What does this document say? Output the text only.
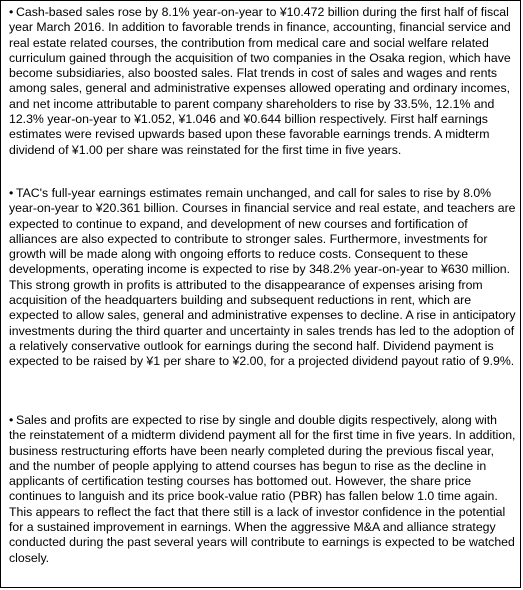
• Cash-based sales rose by 8.1% year-on-year to ¥10.472 billion during the first half of fiscal year March 2016. In addition to favorable trends in finance, accounting, financial service and real estate related courses, the contribution from medical care and social welfare related curriculum gained through the acquisition of two companies in the Osaka region, which have become subsidiaries, also boosted sales. Flat trends in cost of sales and wages and rents among sales, general and administrative expenses allowed operating and ordinary incomes, and net income attributable to parent company shareholders to rise by 33.5%, 12.1% and 12.3% year-on-year to ¥1.052, ¥1.046 and ¥0.644 billion respectively. First half earnings estimates were revised upwards based upon these favorable earnings trends. A midterm dividend of ¥1.00 per share was reinstated for the first time in five years.

• TAC's full-year earnings estimates remain unchanged, and call for sales to rise by 8.0% year-on-year to ¥20.361 billion. Courses in financial service and real estate, and teachers are expected to continue to expand, and development of new courses and fortification of alliances are also expected to contribute to stronger sales. Furthermore, investments for growth will be made along with ongoing efforts to reduce costs. Consequent to these developments, operating income is expected to rise by 348.2% year-on-year to ¥630 million. This strong growth in profits is attributed to the disappearance of expenses arising from acquisition of the headquarters building and subsequent reductions in rent, which are expected to allow sales, general and administrative expenses to decline. A rise in anticipatory investments during the third quarter and uncertainty in sales trends has led to the adoption of a relatively conservative outlook for earnings during the second half. Dividend payment is expected to be raised by ¥1 per share to ¥2.00, for a projected dividend payout ratio of 9.9%.

• Sales and profits are expected to rise by single and double digits respectively, along with the reinstatement of a midterm dividend payment all for the first time in five years. In addition, business restructuring efforts have been nearly completed during the previous fiscal year, and the number of people applying to attend courses has begun to rise as the decline in applicants of certification testing courses has bottomed out. However, the share price continues to languish and its price book-value ratio (PBR) has fallen below 1.0 time again. This appears to reflect the fact that there still is a lack of investor confidence in the potential for a sustained improvement in earnings. When the aggressive M&A and alliance strategy conducted during the past several years will contribute to earnings is expected to be watched closely.
